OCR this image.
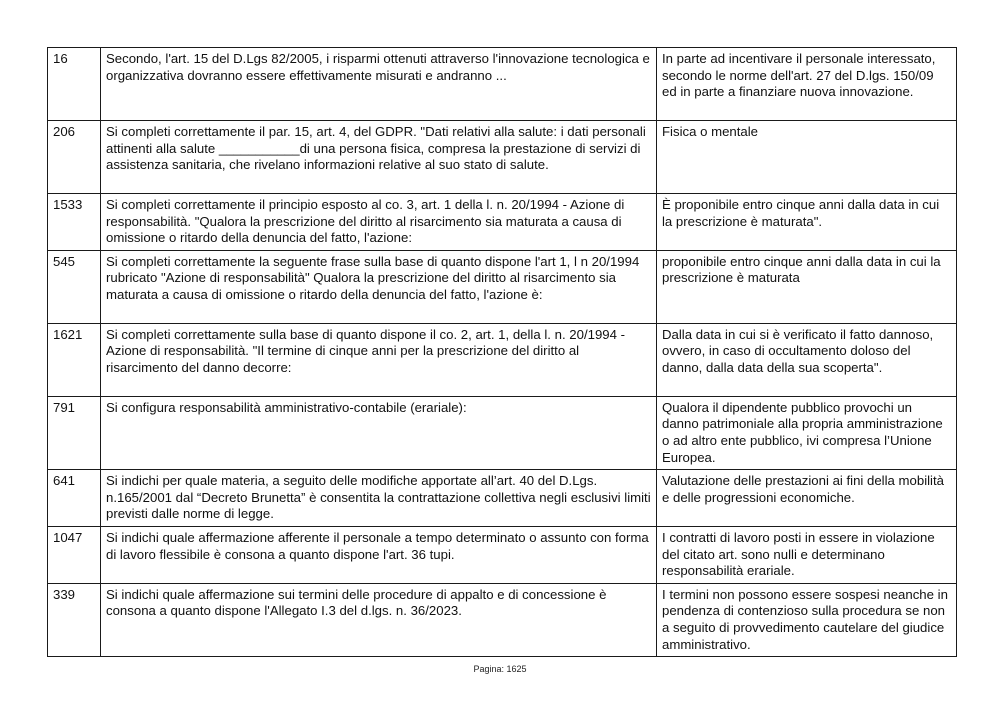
16	Secondo, l'art. 15 del D.Lgs 82/2005, i risparmi ottenuti attraverso l'innovazione tecnologica e organizzativa dovranno essere effettivamente misurati e andranno ...	In parte ad incentivare il personale interessato, secondo le norme dell'art. 27 del D.lgs. 150/09 ed in parte a finanziare nuova innovazione.
206	Si completi correttamente il par. 15, art. 4, del GDPR. "Dati relativi alla salute: i dati personali attinenti alla salute ___________di una persona fisica, compresa la prestazione di servizi di assistenza sanitaria, che rivelano informazioni relative al suo stato di salute.	Fisica o mentale
1533	Si completi correttamente il principio esposto al co. 3, art. 1 della l. n. 20/1994 - Azione di responsabilità. "Qualora la prescrizione del diritto al risarcimento sia maturata a causa di omissione o ritardo della denuncia del fatto, l'azione:	È proponibile entro cinque anni dalla data in cui la prescrizione è maturata".
545	Si completi correttamente la seguente frase sulla base di quanto dispone l'art 1, l n 20/1994 rubricato "Azione di responsabilità" Qualora la prescrizione del diritto al risarcimento sia maturata a causa di omissione o ritardo della denuncia del fatto, l'azione è:	proponibile entro cinque anni dalla data in cui la prescrizione è maturata
1621	Si completi correttamente sulla base di quanto dispone il co. 2, art. 1, della l. n. 20/1994 - Azione di responsabilità. "Il termine di cinque anni per la prescrizione del diritto al risarcimento del danno decorre:	Dalla data in cui si è verificato il fatto dannoso, ovvero, in caso di occultamento doloso del danno, dalla data della sua scoperta".
791	Si configura responsabilità amministrativo-contabile (erariale):	Qualora il dipendente pubblico provochi un danno patrimoniale alla propria amministrazione o ad altro ente pubblico, ivi compresa l’Unione Europea.
641	Si indichi per quale materia, a seguito delle modifiche apportate all’art. 40 del D.Lgs. n.165/2001 dal “Decreto Brunetta” è consentita la contrattazione collettiva negli esclusivi limiti previsti dalle norme di legge.	Valutazione delle prestazioni ai fini della mobilità e delle progressioni economiche.
1047	Si indichi quale affermazione afferente il personale a tempo determinato o assunto con forma di lavoro flessibile è consona a quanto dispone l'art. 36 tupi.	I contratti di lavoro posti in essere in violazione del citato art. sono nulli e determinano responsabilità erariale.
339	Si indichi quale affermazione sui termini delle procedure di appalto e di concessione è consona a quanto dispone l'Allegato I.3 del d.lgs. n. 36/2023.	I termini non possono essere sospesi neanche in pendenza di contenzioso sulla procedura se non a seguito di provvedimento cautelare del giudice amministrativo.
Pagina: 1625
